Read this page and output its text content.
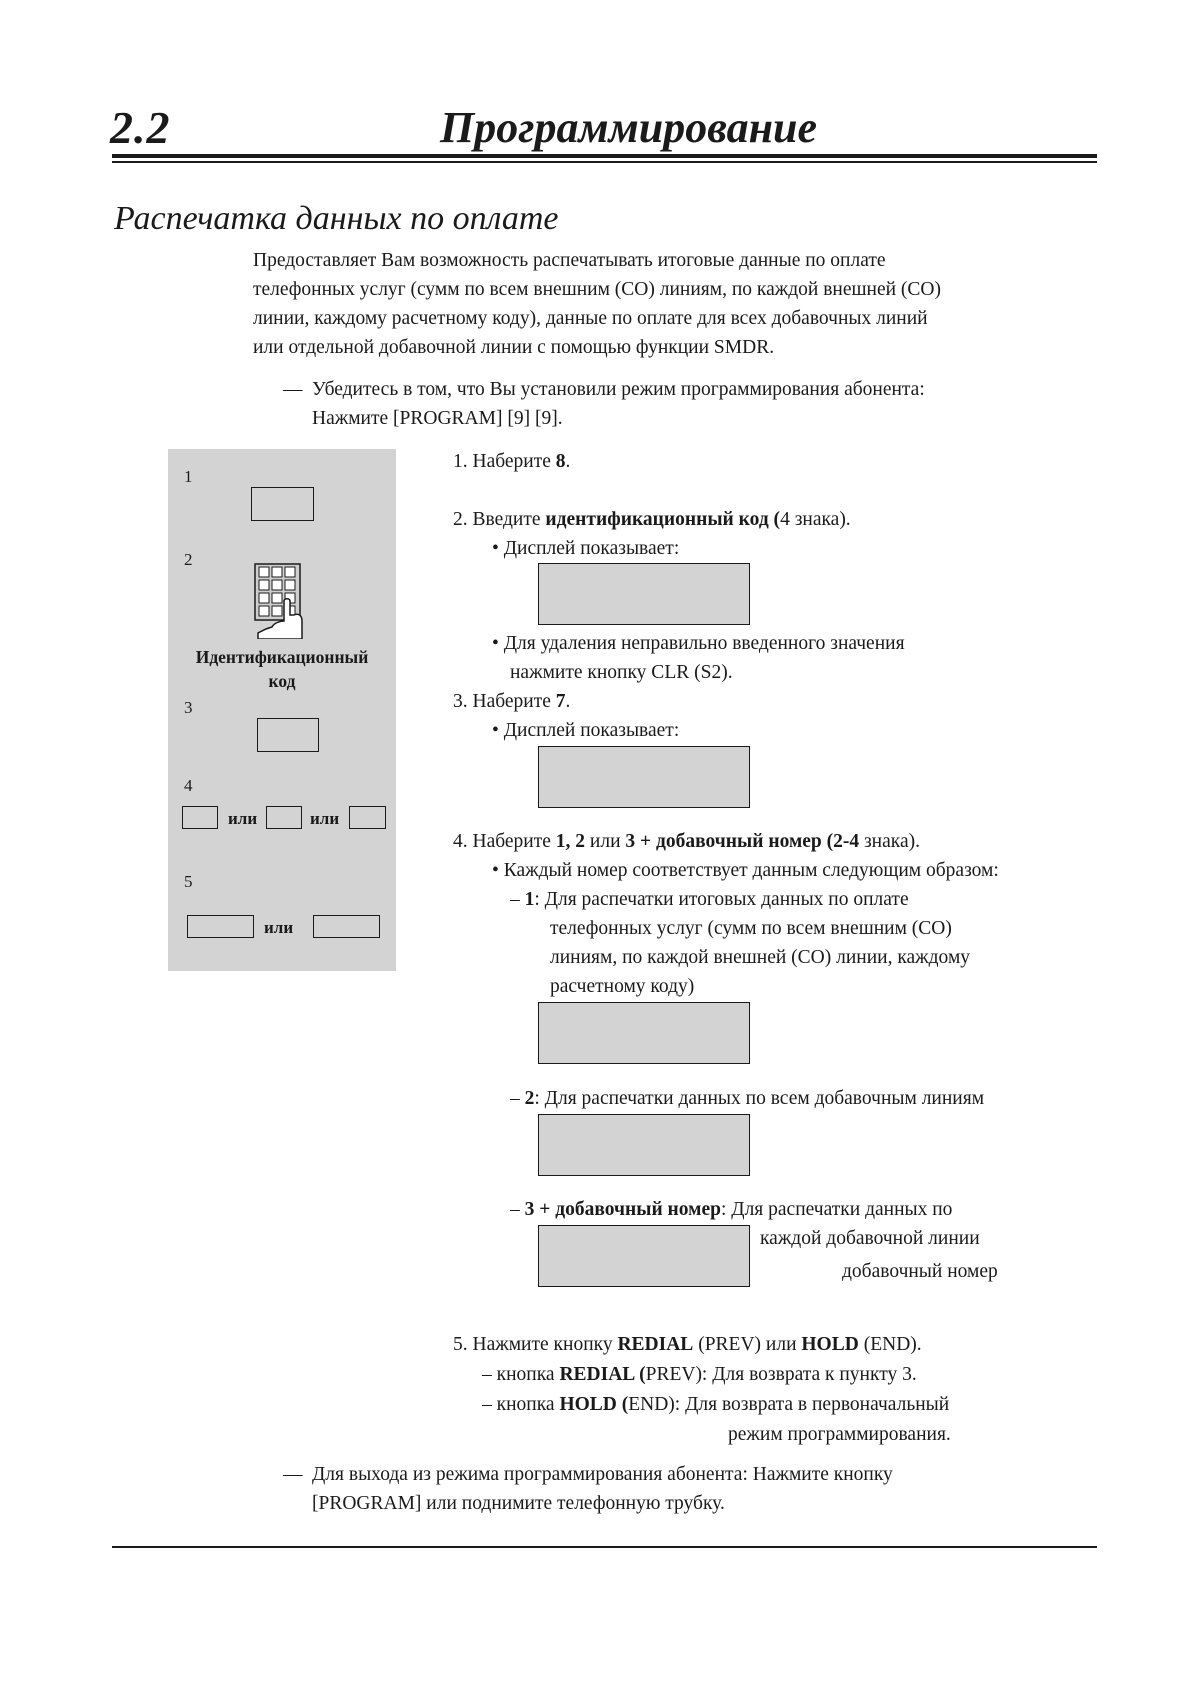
2.2	Программирование
Распечатка данных по оплате
Предоставляет Вам возможность распечатывать итоговые данные по оплате
телефонных услуг (сумм по всем внешним (CO) линиям, по каждой внешней (CO)
линии, каждому расчетному коду), данные по оплате для всех добавочных линий
или отдельной добавочной линии с помощью функции SMDR.
— Убедитесь в том, что Вы установили режим программирования абонента:
Нажмите [PROGRAM] [9] [9].
1
2
Идентификационный
код
3
4
или	или
5
или
1. Наберите 8.
2. Введите идентификационный код (4 знака).
• Дисплей показывает:
• Для удаления неправильно введенного значения
нажмите кнопку CLR (S2).
3. Наберите 7.
• Дисплей показывает:
4. Наберите 1, 2 или 3 + добавочный номер (2-4 знака).
• Каждый номер соответствует данным следующим образом:
– 1: Для распечатки итоговых данных по оплате
телефонных услуг (сумм по всем внешним (CO)
линиям, по каждой внешней (CO) линии, каждому
расчетному коду)
– 2: Для распечатки данных по всем добавочным линиям
– 3 + добавочный номер: Для распечатки данных по
каждой добавочной линии
добавочный номер
5. Нажмите кнопку REDIAL (PREV) или HOLD (END).
– кнопка REDIAL (PREV): Для возврата к пункту 3.
– кнопка HOLD (END): Для возврата в первоначальный
режим программирования.
— Для выхода из режима программирования абонента: Нажмите кнопку
[PROGRAM] или поднимите телефонную трубку.
